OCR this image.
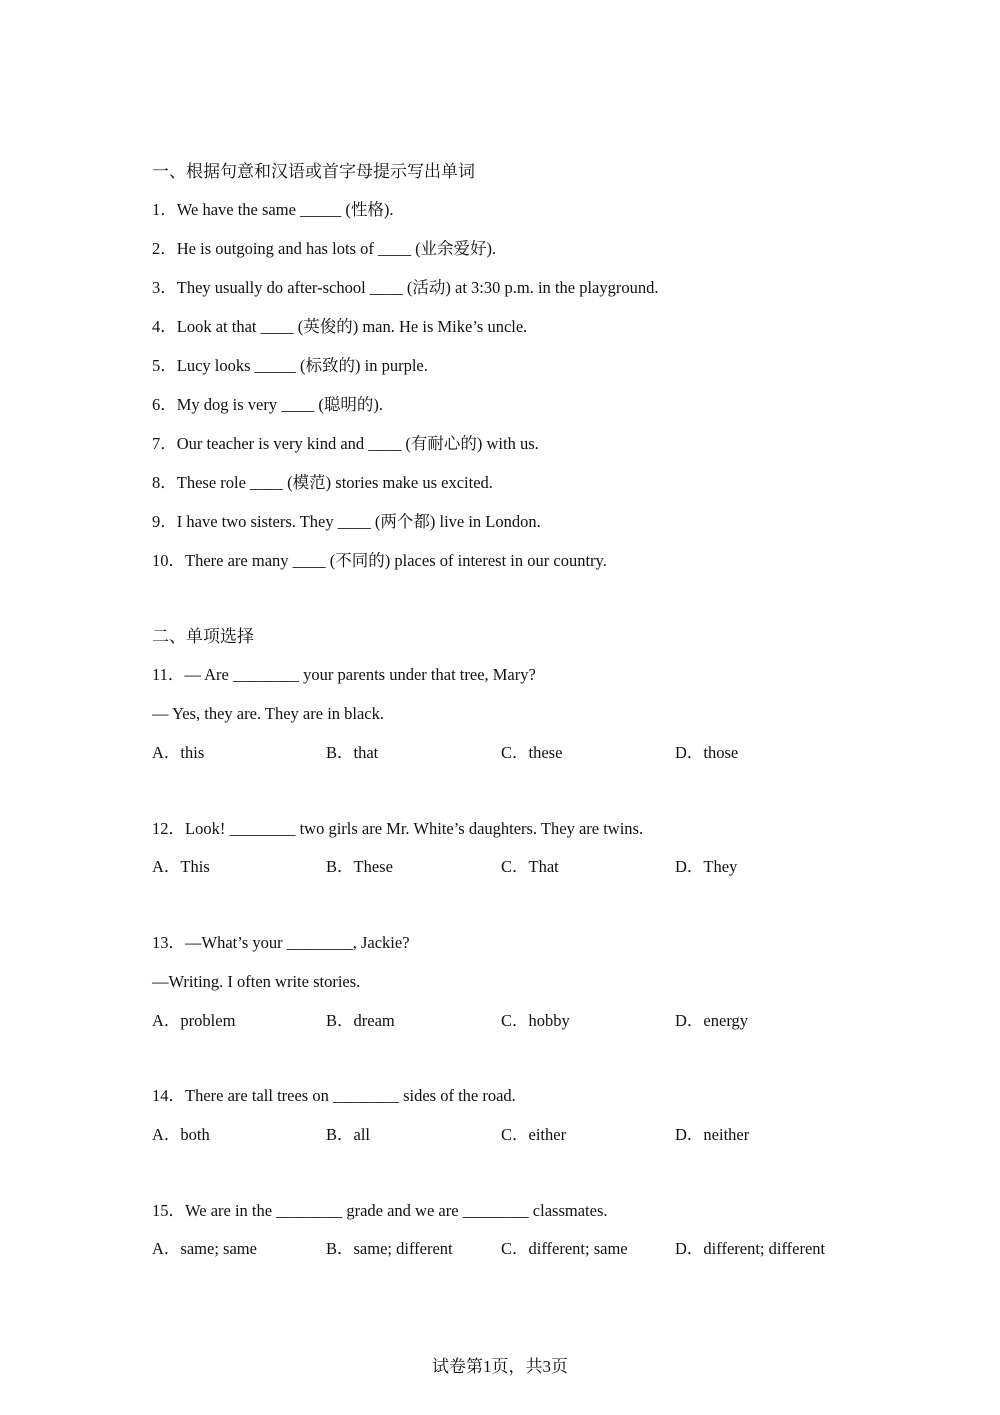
一、根据句意和汉语或首字母提示写出单词
1．We have the same _____ (性格).
2．He is outgoing and has lots of ____ (业余爱好).
3．They usually do after-school ____ (活动) at 3:30 p.m. in the playground.
4．Look at that ____ (英俊的) man. He is Mike’s uncle.
5．Lucy looks _____ (标致的) in purple.
6．My dog is very ____ (聪明的).
7．Our teacher is very kind and ____ (有耐心的) with us.
8．These role ____ (模范) stories make us excited.
9．I have two sisters. They ____ (两个都) live in London.
10．There are many ____ (不同的) places of interest in our country.
二、单项选择
11．— Are ________ your parents under that tree, Mary?
— Yes, they are. They are in black.
A．this	B．that	C．these	D．those
12．Look! ________ two girls are Mr. White’s daughters. They are twins.
A．This	B．These	C．That	D．They
13．—What’s your ________, Jackie?
—Writing. I often write stories.
A．problem	B．dream	C．hobby	D．energy
14．There are tall trees on ________ sides of the road.
A．both	B．all	C．either	D．neither
15．We are in the ________ grade and we are ________ classmates.
A．same; same	B．same; different	C．different; same	D．different; different
试卷第1页，共3页
